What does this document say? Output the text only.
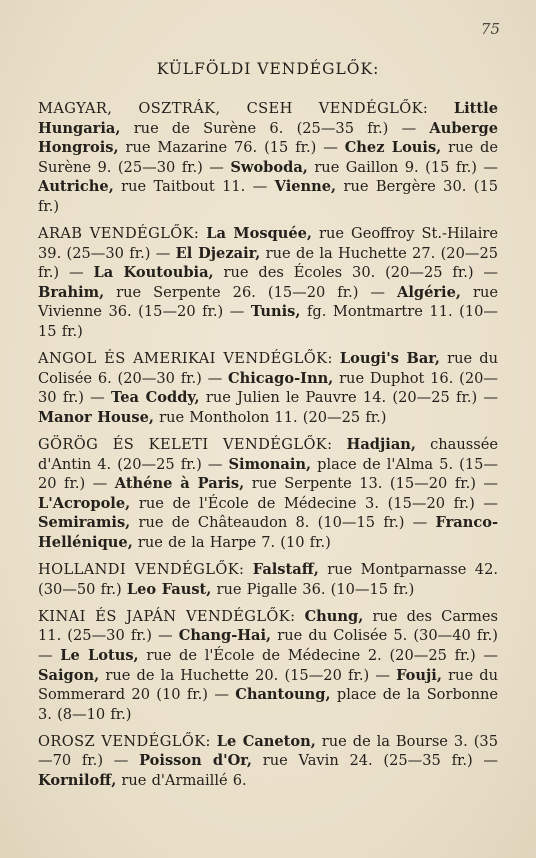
75
KÜLFÖLDI VENDÉGLŐK:
MAGYAR, OSZTRÁK, CSEH VENDÉGLŐK: Little Hungaria, rue de Surène 6. (25—35 fr.) — Auberge Hongrois, rue Mazarine 76. (15 fr.) — Chez Louis, rue de Surène 9. (25—30 fr.) — Swoboda, rue Gaillon 9. (15 fr.) — Autriche, rue Taitbout 11. — Vienne, rue Bergère 30. (15 fr.)
ARAB VENDÉGLŐK: La Mosquée, rue Geoffroy St.-Hilaire 39. (25—30 fr.) — El Djezair, rue de la Huchette 27. (20—25 fr.) — La Koutoubia, rue des Écoles 30. (20—25 fr.) — Brahim, rue Serpente 26. (15—20 fr.) — Algérie, rue Vivienne 36. (15—20 fr.) — Tunis, fg. Montmartre 11. (10—15 fr.)
ANGOL ÉS AMERIKAI VENDÉGLŐK: Lougi's Bar, rue du Colisée 6. (20—30 fr.) — Chicago-Inn, rue Duphot 16. (20—30 fr.) — Tea Coddy, rue Julien le Pauvre 14. (20—25 fr.) — Manor House, rue Montholon 11. (20—25 fr.)
GÖRÖG ÉS KELETI VENDÉGLŐK: Hadjian, chaussée d'Antin 4. (20—25 fr.) — Simonain, place de l'Alma 5. (15—20 fr.) — Athéne à Paris, rue Serpente 13. (15—20 fr.) — L'Acropole, rue de l'École de Médecine 3. (15—20 fr.) — Semiramis, rue de Châteaudon 8. (10—15 fr.) — Franco-Hellénique, rue de la Harpe 7. (10 fr.)
HOLLANDI VENDÉGLŐK: Falstaff, rue Montparnasse 42. (30—50 fr.) Leo Faust, rue Pigalle 36. (10—15 fr.)
KINAI ÉS JAPÁN VENDÉGLŐK: Chung, rue des Carmes 11. (25—30 fr.) — Chang-Hai, rue du Colisée 5. (30—40 fr.) — Le Lotus, rue de l'École de Médecine 2. (20—25 fr.) — Saigon, rue de la Huchette 20. (15—20 fr.) — Fouji, rue du Sommerard 20 (10 fr.) — Chantoung, place de la Sorbonne 3. (8—10 fr.)
OROSZ VENDÉGLŐK: Le Caneton, rue de la Bourse 3. (35—70 fr.) — Poisson d'Or, rue Vavin 24. (25—35 fr.) — Korniloff, rue d'Armaillé 6.
